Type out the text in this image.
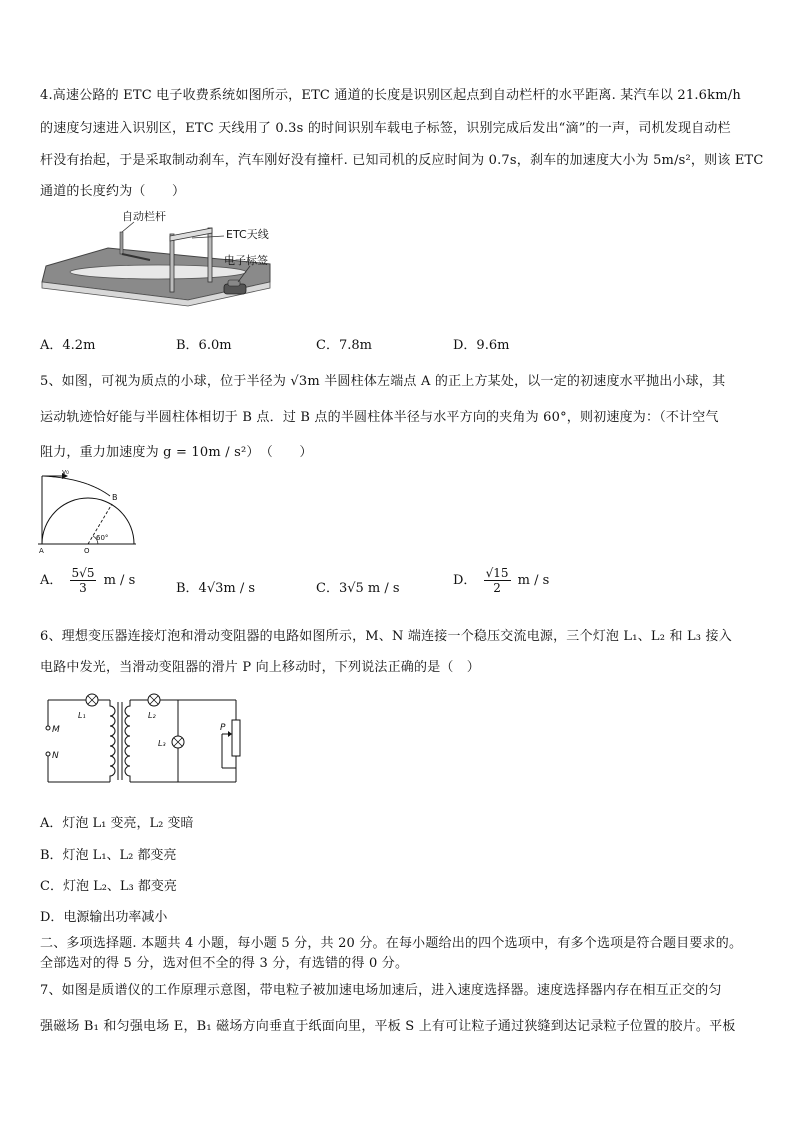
4.高速公路的 ETC 电子收费系统如图所示，ETC 通道的长度是识别区起点到自动栏杆的水平距离. 某汽车以 21.6km/h
的速度匀速进入识别区，ETC 天线用了 0.3s 的时间识别车载电子标签，识别完成后发出“滴”的一声，司机发现自动栏
杆没有抬起，于是采取制动刹车，汽车刚好没有撞杆. 已知司机的反应时间为 0.7s，刹车的加速度大小为 5m/s²，则该 ETC
通道的长度约为（　　）
自动栏杆
ETC天线
电子标签
A．4.2m	B．6.0m	C．7.8m	D．9.6m
5、如图，可视为质点的小球，位于半径为 √3m 半圆柱体左端点 A 的正上方某处，以一定的初速度水平抛出小球，其
运动轨迹恰好能与半圆柱体相切于 B 点．过 B 点的半圆柱体半径与水平方向的夹角为 60°，则初速度为：（不计空气
阻力，重力加速度为 g = 10m / s²）　（　　）
v₀
B
A	O
60°
A． $\frac{5√5}{3}$ m / s
B．4√3m / s	C．3√5 m / s
D． $\frac{√15}{2}$ m / s
6、理想变压器连接灯泡和滑动变阻器的电路如图所示，M、N 端连接一个稳压交流电源，三个灯泡 L₁、L₂ 和 L₃ 接入
电路中发光，当滑动变阻器的滑片 P 向上移动时，下列说法正确的是（　）
M
N
L₁	L₂
L₃
P
A．灯泡 L₁ 变亮，L₂ 变暗
B．灯泡 L₁、L₂ 都变亮
C．灯泡 L₂、L₃ 都变亮
D．电源输出功率减小
二、多项选择题. 本题共 4 小题，每小题 5 分，共 20 分。在每小题给出的四个选项中，有多个选项是符合题目要求的。
全部选对的得 5 分，选对但不全的得 3 分，有选错的得 0 分。
7、如图是质谱仪的工作原理示意图，带电粒子被加速电场加速后，进入速度选择器。速度选择器内存在相互正交的匀
强磁场 B₁ 和匀强电场 E，B₁ 磁场方向垂直于纸面向里，平板 S 上有可让粒子通过狭缝到达记录粒子位置的胶片。平板
